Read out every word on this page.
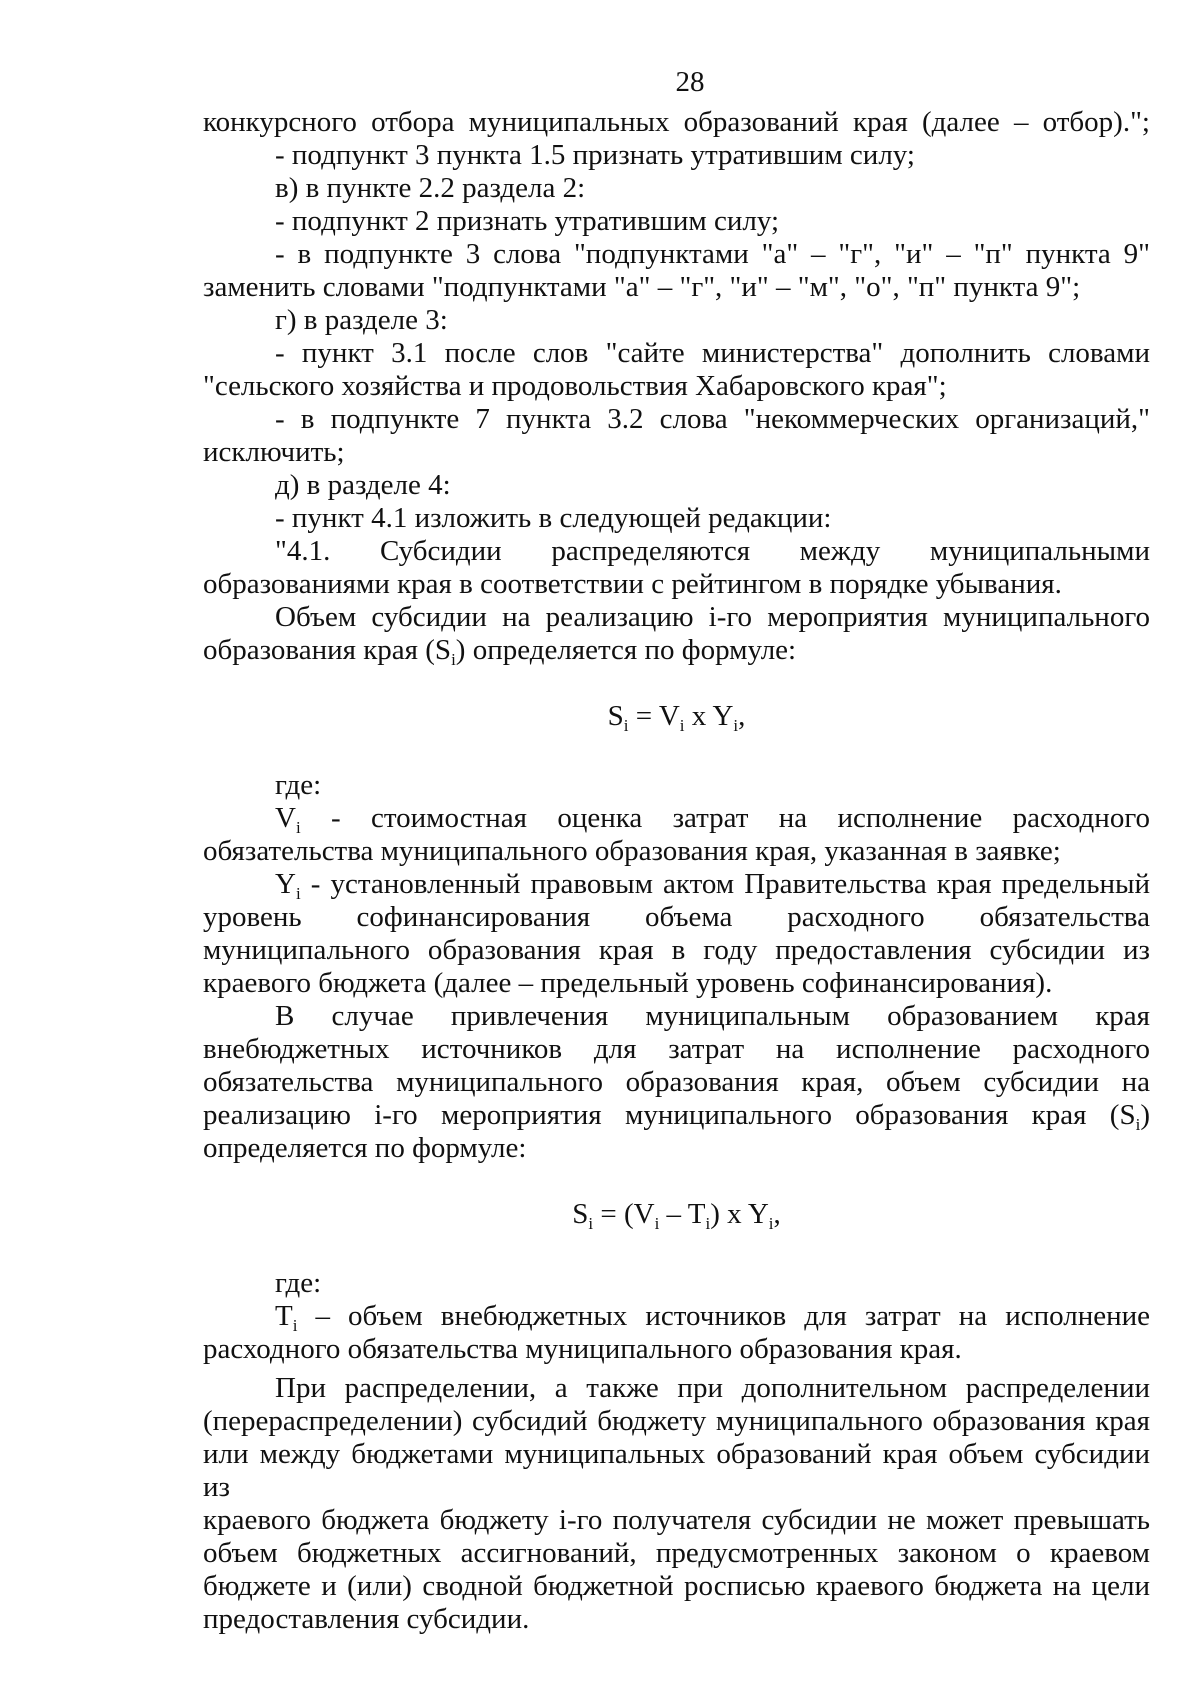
28

конкурсного отбора муниципальных образований края (далее – отбор).";

- подпункт 3 пункта 1.5 признать утратившим силу;

в) в пункте 2.2 раздела 2:

- подпункт 2 признать утратившим силу;

- в подпункте 3 слова "подпунктами "а" – "г", "и" – "п" пункта 9"

заменить словами "подпунктами "а" – "г", "и" – "м", "о", "п" пункта 9";

г) в разделе 3:

- пункт 3.1 после слов "сайте министерства" дополнить словами

"сельского хозяйства и продовольствия Хабаровского края";

- в подпункте 7 пункта 3.2 слова "некоммерческих организаций,"

исключить;

д) в разделе 4:

- пункт 4.1 изложить в следующей редакции:

"4.1. Субсидии распределяются между муниципальными

образованиями края в соответствии с рейтингом в порядке убывания.

Объем субсидии на реализацию i-го мероприятия муниципального

образования края $(S_i)$ определяется по формуле:

$S_i = V_i$ x $Y_i$,

где:

$V_i$ - стоимостная оценка затрат на исполнение расходного

обязательства муниципального образования края, указанная в заявке;

$Y_i$ - установленный правовым актом Правительства края предельный

уровень софинансирования объема расходного обязательства

муниципального образования края в году предоставления субсидии из

краевого бюджета (далее – предельный уровень софинансирования).

В случае привлечения муниципальным образованием края

внебюджетных источников для затрат на исполнение расходного

обязательства муниципального образования края, объем субсидии на

реализацию i-го мероприятия муниципального образования края $(S_i)$

определяется по формуле:

$S_i = (V_i - T_i)$ x $Y_i$,

где:

$T_i$ – объем внебюджетных источников для затрат на исполнение

расходного обязательства муниципального образования края.

При распределении, а также при дополнительном распределении

(перераспределении) субсидий бюджету муниципального образования края

или между бюджетами муниципальных образований края объем субсидии из

краевого бюджета бюджету i-го получателя субсидии не может превышать

объем бюджетных ассигнований, предусмотренных законом о краевом

бюджете и (или) сводной бюджетной росписью краевого бюджета на цели

предоставления субсидии.
